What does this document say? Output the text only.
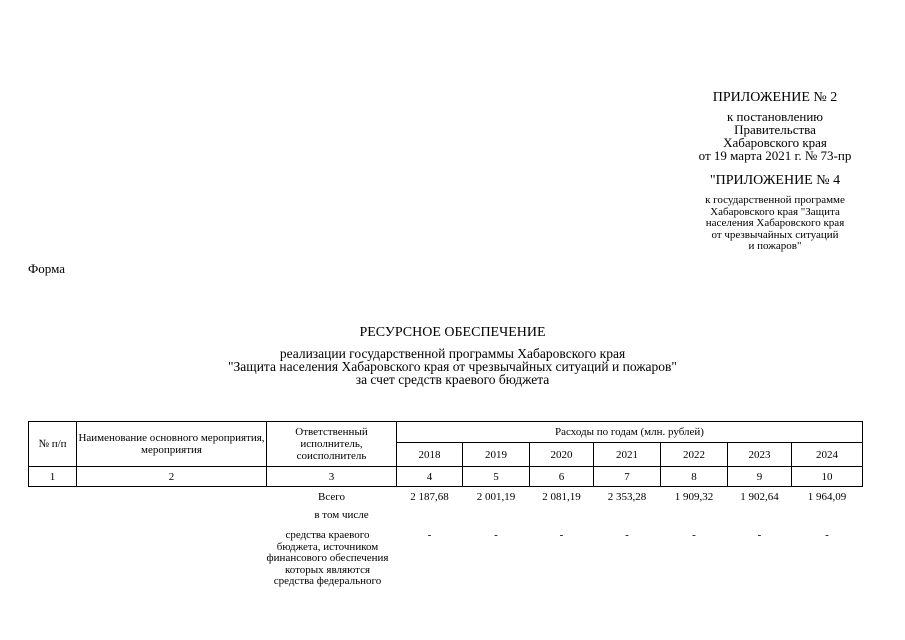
ПРИЛОЖЕНИЕ № 2
к постановлению
Правительства
Хабаровского края
от 19 марта 2021 г. № 73-пр
"ПРИЛОЖЕНИЕ № 4
к государственной программе
Хабаровского края "Защита
населения Хабаровского края
от чрезвычайных ситуаций
и пожаров"
Форма
РЕСУРСНОЕ ОБЕСПЕЧЕНИЕ
реализации государственной программы Хабаровского края
"Защита населения Хабаровского края от чрезвычайных ситуаций и пожаров"
за счет средств краевого бюджета
№ п/п	Наименование основного мероприятия, мероприятия	Ответственный исполнитель, соисполнитель	Расходы по годам (млн. рублей)						
			2018	2019	2020	2021	2022	2023	2024
1	2	3	4	5	6	7	8	9	10
		Всего	2 187,68	2 001,19	2 081,19	2 353,28	1 909,32	1 902,64	1 964,09
		в том числе							
		средства краевого бюджета, источником финансового обеспечения которых являются средства федерального	-	-	-	-	-	-	-
